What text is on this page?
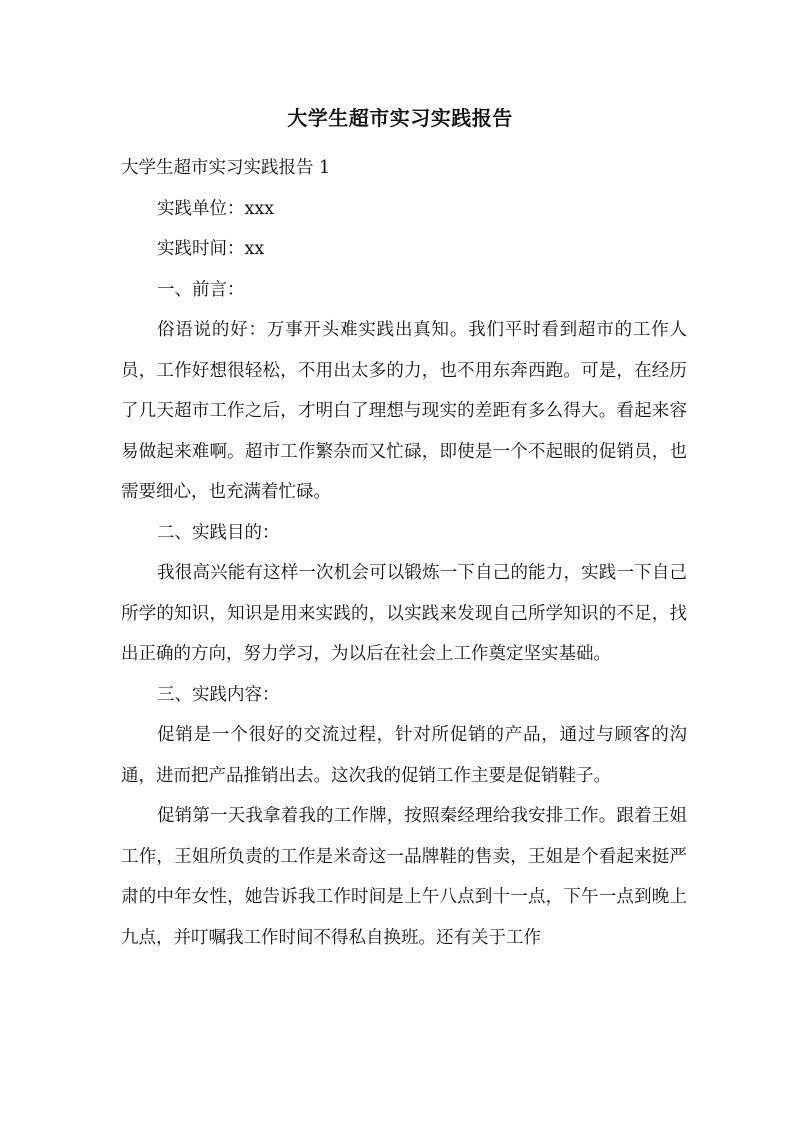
大学生超市实习实践报告

大学生超市实习实践报告 1

实践单位：xxx

实践时间：xx

一、前言：

俗语说的好：万事开头难实践出真知。我们平时看到超市的工作人员，工作好想很轻松，不用出太多的力，也不用东奔西跑。可是，在经历了几天超市工作之后，才明白了理想与现实的差距有多么得大。看起来容易做起来难啊。超市工作繁杂而又忙碌，即使是一个不起眼的促销员，也需要细心，也充满着忙碌。

二、实践目的：

我很高兴能有这样一次机会可以锻炼一下自己的能力，实践一下自己所学的知识，知识是用来实践的，以实践来发现自己所学知识的不足，找出正确的方向，努力学习，为以后在社会上工作奠定坚实基础。

三、实践内容：

促销是一个很好的交流过程，针对所促销的产品，通过与顾客的沟通，进而把产品推销出去。这次我的促销工作主要是促销鞋子。

促销第一天我拿着我的工作牌，按照秦经理给我安排工作。跟着王姐工作，王姐所负责的工作是米奇这一品牌鞋的售卖，王姐是个看起来挺严肃的中年女性，她告诉我工作时间是上午八点到十一点，下午一点到晚上九点，并叮嘱我工作时间不得私自换班。还有关于工作
